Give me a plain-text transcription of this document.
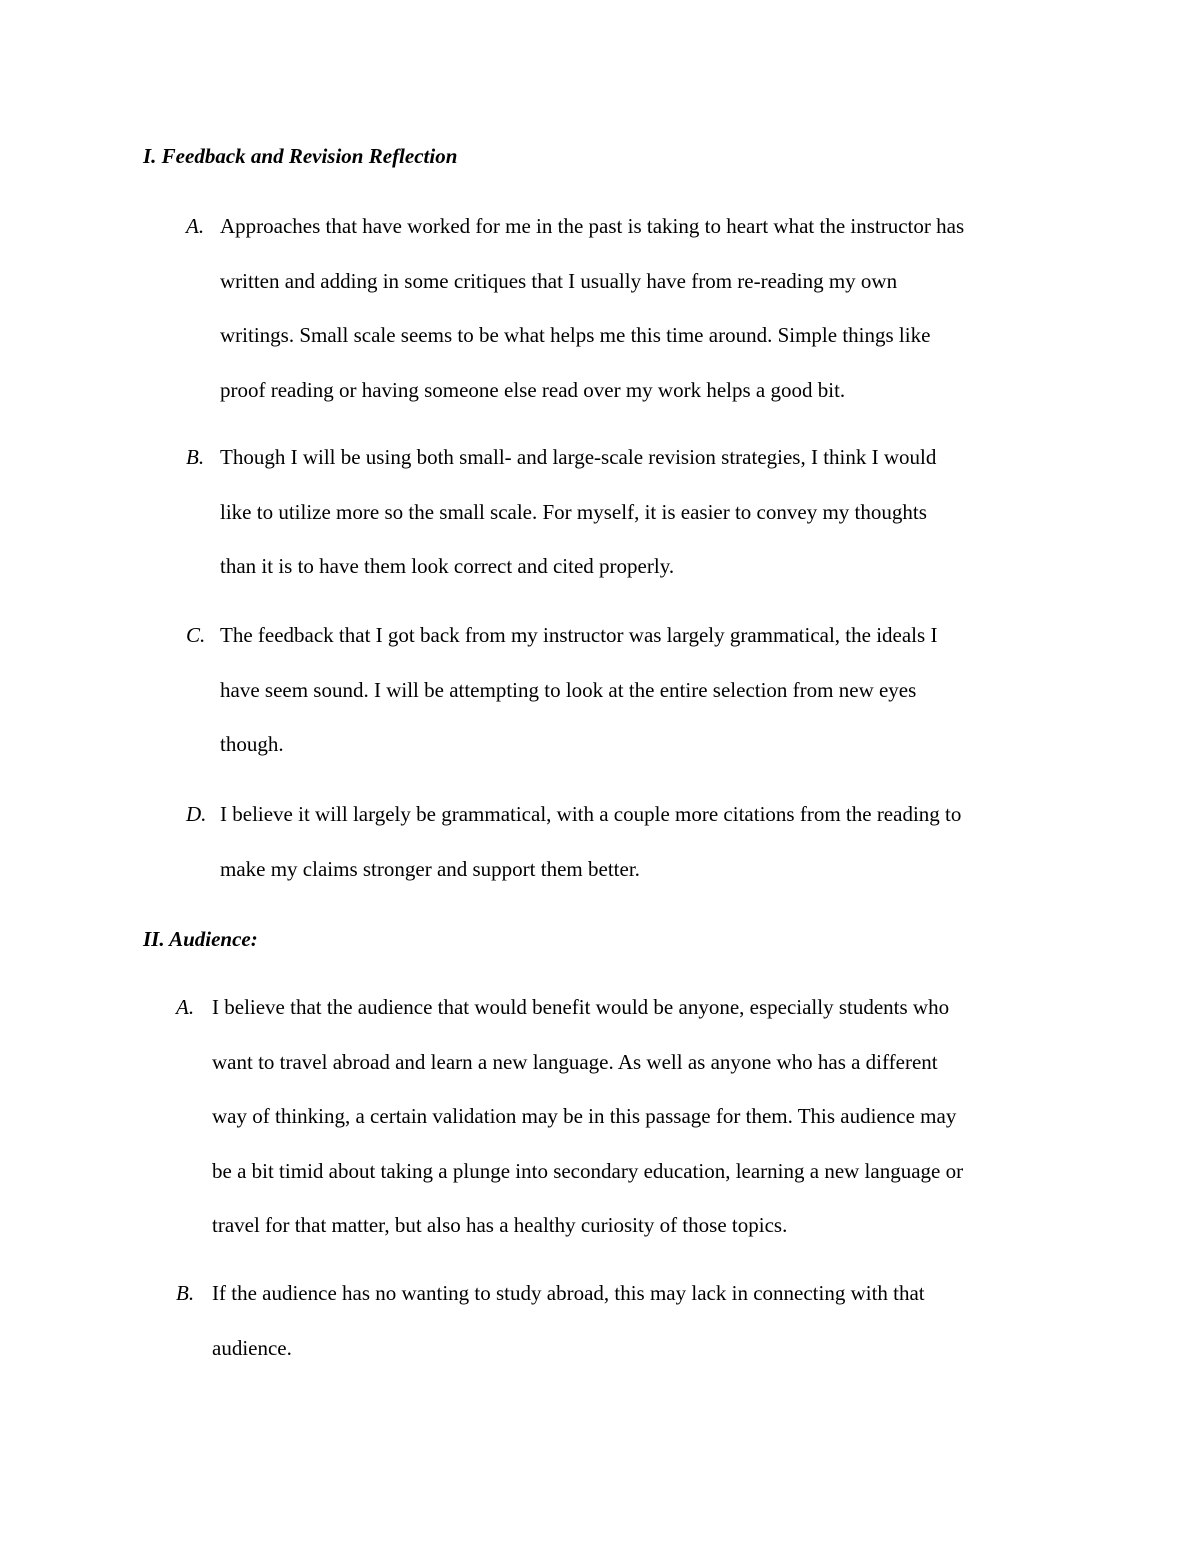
I. Feedback and Revision Reflection
A. Approaches that have worked for me in the past is taking to heart what the instructor has
written and adding in some critiques that I usually have from re-reading my own
writings. Small scale seems to be what helps me this time around. Simple things like
proof reading or having someone else read over my work helps a good bit.
B. Though I will be using both small- and large-scale revision strategies, I think I would
like to utilize more so the small scale. For myself, it is easier to convey my thoughts
than it is to have them look correct and cited properly.
C. The feedback that I got back from my instructor was largely grammatical, the ideals I
have seem sound. I will be attempting to look at the entire selection from new eyes
though.
D. I believe it will largely be grammatical, with a couple more citations from the reading to
make my claims stronger and support them better.
II. Audience:
A. I believe that the audience that would benefit would be anyone, especially students who
want to travel abroad and learn a new language. As well as anyone who has a different
way of thinking, a certain validation may be in this passage for them. This audience may
be a bit timid about taking a plunge into secondary education, learning a new language or
travel for that matter, but also has a healthy curiosity of those topics.
B. If the audience has no wanting to study abroad, this may lack in connecting with that
audience.
